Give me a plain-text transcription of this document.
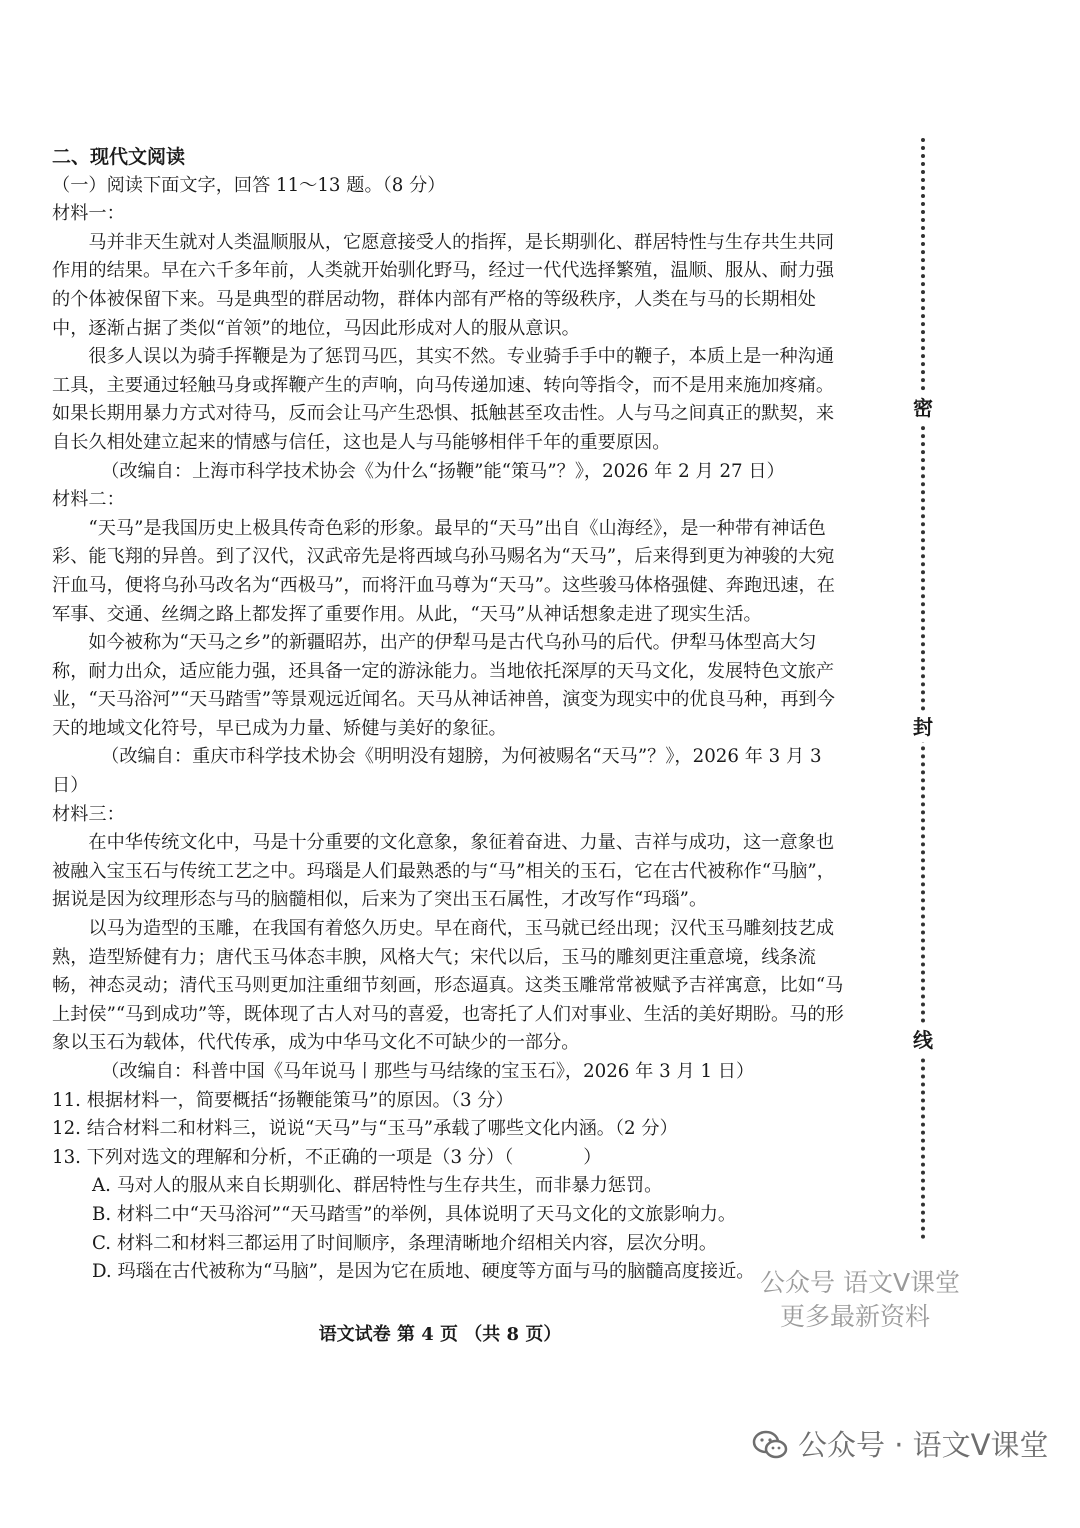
二、现代文阅读

（一）阅读下面文字，回答 11～13 题。（8 分）

材料一：

马并非天生就对人类温顺服从，它愿意接受人的指挥，是长期驯化、群居特性与生存共生共同作用的结果。早在六千多年前，人类就开始驯化野马，经过一代代选择繁殖，温顺、服从、耐力强的个体被保留下来。马是典型的群居动物，群体内部有严格的等级秩序，人类在与马的长期相处中，逐渐占据了类似“首领”的地位，马因此形成对人的服从意识。

很多人误以为骑手挥鞭是为了惩罚马匹，其实不然。专业骑手手中的鞭子，本质上是一种沟通工具，主要通过轻触马身或挥鞭产生的声响，向马传递加速、转向等指令，而不是用来施加疼痛。如果长期用暴力方式对待马，反而会让马产生恐惧、抵触甚至攻击性。人与马之间真正的默契，来自长久相处建立起来的情感与信任，这也是人与马能够相伴千年的重要原因。

（改编自：上海市科学技术协会《为什么“扬鞭”能“策马”？》，2026 年 2 月 27 日）

材料二：

“天马”是我国历史上极具传奇色彩的形象。最早的“天马”出自《山海经》，是一种带有神话色彩、能飞翔的异兽。到了汉代，汉武帝先是将西域乌孙马赐名为“天马”，后来得到更为神骏的大宛汗血马，便将乌孙马改名为“西极马”，而将汗血马尊为“天马”。这些骏马体格强健、奔跑迅速，在军事、交通、丝绸之路上都发挥了重要作用。从此，“天马”从神话想象走进了现实生活。

如今被称为“天马之乡”的新疆昭苏，出产的伊犁马是古代乌孙马的后代。伊犁马体型高大匀称，耐力出众，适应能力强，还具备一定的游泳能力。当地依托深厚的天马文化，发展特色文旅产业，“天马浴河”“天马踏雪”等景观远近闻名。天马从神话神兽，演变为现实中的优良马种，再到今天的地域文化符号，早已成为力量、矫健与美好的象征。

（改编自：重庆市科学技术协会《明明没有翅膀，为何被赐名“天马”？》，2026 年 3 月 3 日）

材料三：

在中华传统文化中，马是十分重要的文化意象，象征着奋进、力量、吉祥与成功，这一意象也被融入宝玉石与传统工艺之中。玛瑙是人们最熟悉的与“马”相关的玉石，它在古代被称作“马脑”，据说是因为纹理形态与马的脑髓相似，后来为了突出玉石属性，才改写作“玛瑙”。

以马为造型的玉雕，在我国有着悠久历史。早在商代，玉马就已经出现；汉代玉马雕刻技艺成熟，造型矫健有力；唐代玉马体态丰腴，风格大气；宋代以后，玉马的雕刻更注重意境，线条流畅，神态灵动；清代玉马则更加注重细节刻画，形态逼真。这类玉雕常常被赋予吉祥寓意，比如“马上封侯”“马到成功”等，既体现了古人对马的喜爱，也寄托了人们对事业、生活的美好期盼。马的形象以玉石为载体，代代传承，成为中华马文化不可缺少的一部分。

（改编自：科普中国《马年说马丨那些与马结缘的宝玉石》，2026 年 3 月 1 日）

11. 根据材料一，简要概括“扬鞭能策马”的原因。（3 分）

12. 结合材料二和材料三，说说“天马”与“玉马”承载了哪些文化内涵。（2 分）

13. 下列对选文的理解和分析，不正确的一项是（3 分）（	）

A. 马对人的服从来自长期驯化、群居特性与生存共生，而非暴力惩罚。

B. 材料二中“天马浴河”“天马踏雪”的举例，具体说明了天马文化的文旅影响力。

C. 材料二和材料三都运用了时间顺序，条理清晰地介绍相关内容，层次分明。

D. 玛瑙在古代被称为“马脑”，是因为它在质地、硬度等方面与马的脑髓高度接近。

语文试卷 第 4 页 （共 8 页）
密
封
线
公众号 语文V课堂
更多最新资料
公众号 · 语文V课堂
